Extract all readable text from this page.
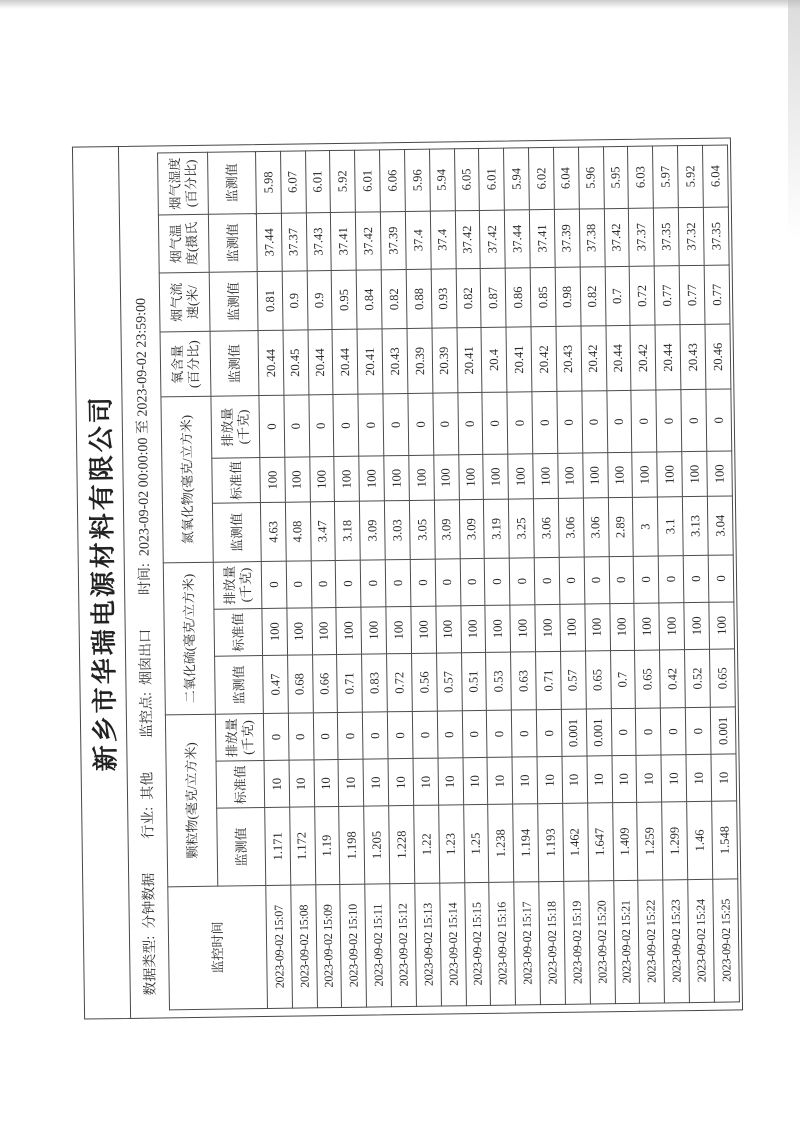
新乡市华瑞电源材料有限公司
数据类型:分钟数据
行业:其他
监控点:烟囱出口
时间:2023-09-02 00:00:00 至 2023-09-02 23:59:00
监控时间	颗粒物(毫克/立方米)			二氧化硫(毫克/立方米)			氮氧化物(毫克/立方米)			氧含量
(百分比)	烟气流
速(米/	烟气温
度(摄氏	烟气湿度
(百分比)
	监测值	标准值	排放量
(千克)	监测值	标准值	排放量
(千克)	监测值	标准值	排放量
(千克)	监测值	监测值	监测值	监测值
2023-09-02 15:07	1.171	10	0	0.47	100	0	4.63	100	0	20.44	0.81	37.44	5.98
2023-09-02 15:08	1.172	10	0	0.68	100	0	4.08	100	0	20.45	0.9	37.37	6.07
2023-09-02 15:09	1.19	10	0	0.66	100	0	3.47	100	0	20.44	0.9	37.43	6.01
2023-09-02 15:10	1.198	10	0	0.71	100	0	3.18	100	0	20.44	0.95	37.41	5.92
2023-09-02 15:11	1.205	10	0	0.83	100	0	3.09	100	0	20.41	0.84	37.42	6.01
2023-09-02 15:12	1.228	10	0	0.72	100	0	3.03	100	0	20.43	0.82	37.39	6.06
2023-09-02 15:13	1.22	10	0	0.56	100	0	3.05	100	0	20.39	0.88	37.4	5.96
2023-09-02 15:14	1.23	10	0	0.57	100	0	3.09	100	0	20.39	0.93	37.4	5.94
2023-09-02 15:15	1.25	10	0	0.51	100	0	3.09	100	0	20.41	0.82	37.42	6.05
2023-09-02 15:16	1.238	10	0	0.53	100	0	3.19	100	0	20.4	0.87	37.42	6.01
2023-09-02 15:17	1.194	10	0	0.63	100	0	3.25	100	0	20.41	0.86	37.44	5.94
2023-09-02 15:18	1.193	10	0	0.71	100	0	3.06	100	0	20.42	0.85	37.41	6.02
2023-09-02 15:19	1.462	10	0.001	0.57	100	0	3.06	100	0	20.43	0.98	37.39	6.04
2023-09-02 15:20	1.647	10	0.001	0.65	100	0	3.06	100	0	20.42	0.82	37.38	5.96
2023-09-02 15:21	1.409	10	0	0.7	100	0	2.89	100	0	20.44	0.7	37.42	5.95
2023-09-02 15:22	1.259	10	0	0.65	100	0	3	100	0	20.42	0.72	37.37	6.03
2023-09-02 15:23	1.299	10	0	0.42	100	0	3.1	100	0	20.44	0.77	37.35	5.97
2023-09-02 15:24	1.46	10	0	0.52	100	0	3.13	100	0	20.43	0.77	37.32	5.92
2023-09-02 15:25	1.548	10	0.001	0.65	100	0	3.04	100	0	20.46	0.77	37.35	6.04
